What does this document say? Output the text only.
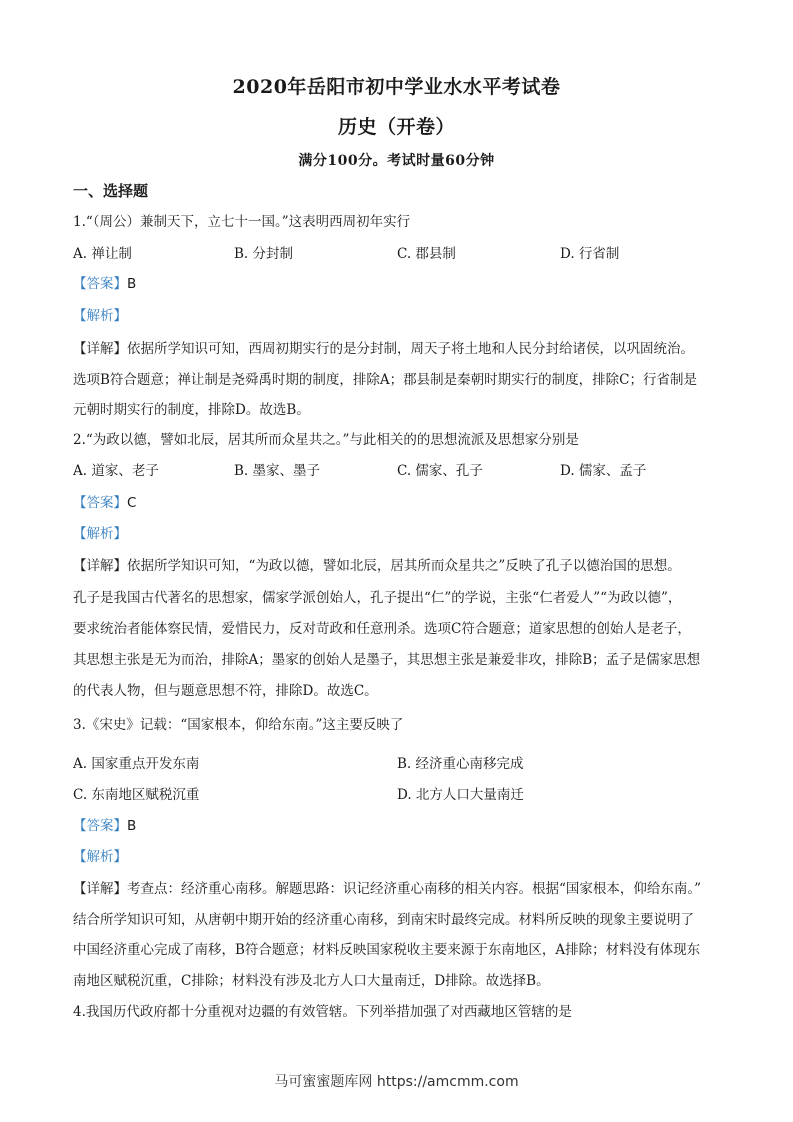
2020年岳阳市初中学业水水平考试卷
历史（开卷）
满分100分。考试时量60分钟
一、选择题
1.“（周公）兼制天下，立七十一国。”这表明西周初年实行
A. 禅让制	B. 分封制	C. 郡县制	D. 行省制
【答案】B
【解析】
【详解】依据所学知识可知，西周初期实行的是分封制，周天子将土地和人民分封给诸侯，以巩固统治。
选项B符合题意；禅让制是尧舜禹时期的制度，排除A；郡县制是秦朝时期实行的制度，排除C；行省制是
元朝时期实行的制度，排除D。故选B。
2.“为政以德，譬如北辰，居其所而众星共之。”与此相关的的思想流派及思想家分别是
A. 道家、老子	B. 墨家、墨子	C. 儒家、孔子	D. 儒家、孟子
【答案】C
【解析】
【详解】依据所学知识可知，“为政以德，譬如北辰，居其所而众星共之”反映了孔子以德治国的思想。
孔子是我国古代著名的思想家，儒家学派创始人，孔子提出“仁”的学说，主张“仁者爱人”“为政以德”，
要求统治者能体察民情，爱惜民力，反对苛政和任意刑杀。选项C符合题意；道家思想的创始人是老子，
其思想主张是无为而治，排除A；墨家的创始人是墨子，其思想主张是兼爱非攻，排除B；孟子是儒家思想
的代表人物，但与题意思想不符，排除D。故选C。
3.《宋史》记载：“国家根本，仰给东南。”这主要反映了
A. 国家重点开发东南	B. 经济重心南移完成
C. 东南地区赋税沉重	D. 北方人口大量南迁
【答案】B
【解析】
【详解】考查点：经济重心南移。解题思路：识记经济重心南移的相关内容。根据“国家根本，仰给东南。”
结合所学知识可知，从唐朝中期开始的经济重心南移，到南宋时最终完成。材料所反映的现象主要说明了
中国经济重心完成了南移，B符合题意；材料反映国家税收主要来源于东南地区，A排除；材料没有体现东
南地区赋税沉重，C排除；材料没有涉及北方人口大量南迁，D排除。故选择B。
4.我国历代政府都十分重视对边疆的有效管辖。下列举措加强了对西藏地区管辖的是
马可蜜蜜题库网 https://amcmm.com
